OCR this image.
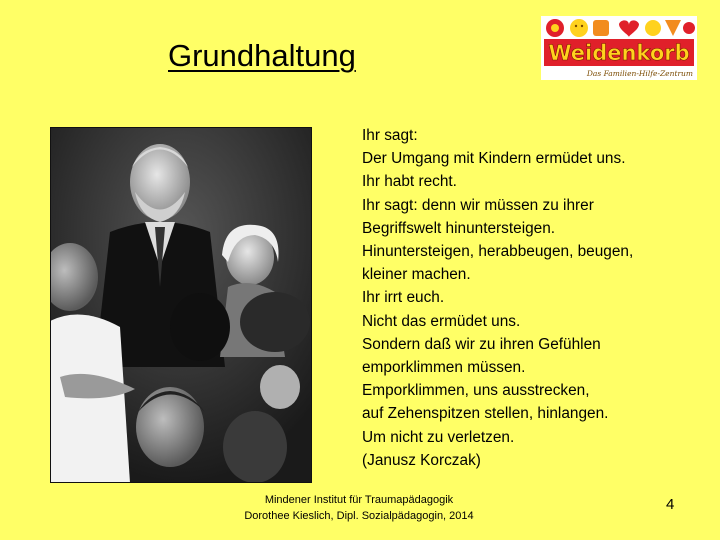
Grundhaltung	Weidenkorb
Das Familien-Hilfe-Zentrum
Ihr sagt:
Der Umgang mit Kindern ermüdet uns.
Ihr habt recht.
Ihr sagt: denn wir müssen zu ihrer
Begriffswelt hinuntersteigen.
Hinuntersteigen, herabbeugen, beugen,
kleiner machen.
Ihr irrt euch.
Nicht das ermüdet uns.
Sondern daß wir zu ihren Gefühlen
emporklimmen müssen.
Emporklimmen, uns ausstrecken,
auf Zehenspitzen stellen, hinlangen.
Um nicht zu verletzen.
(Janusz Korczak)
Mindener Institut für Traumapädagogik
Dorothee Kieslich, Dipl. Sozialpädagogin, 2014
4
